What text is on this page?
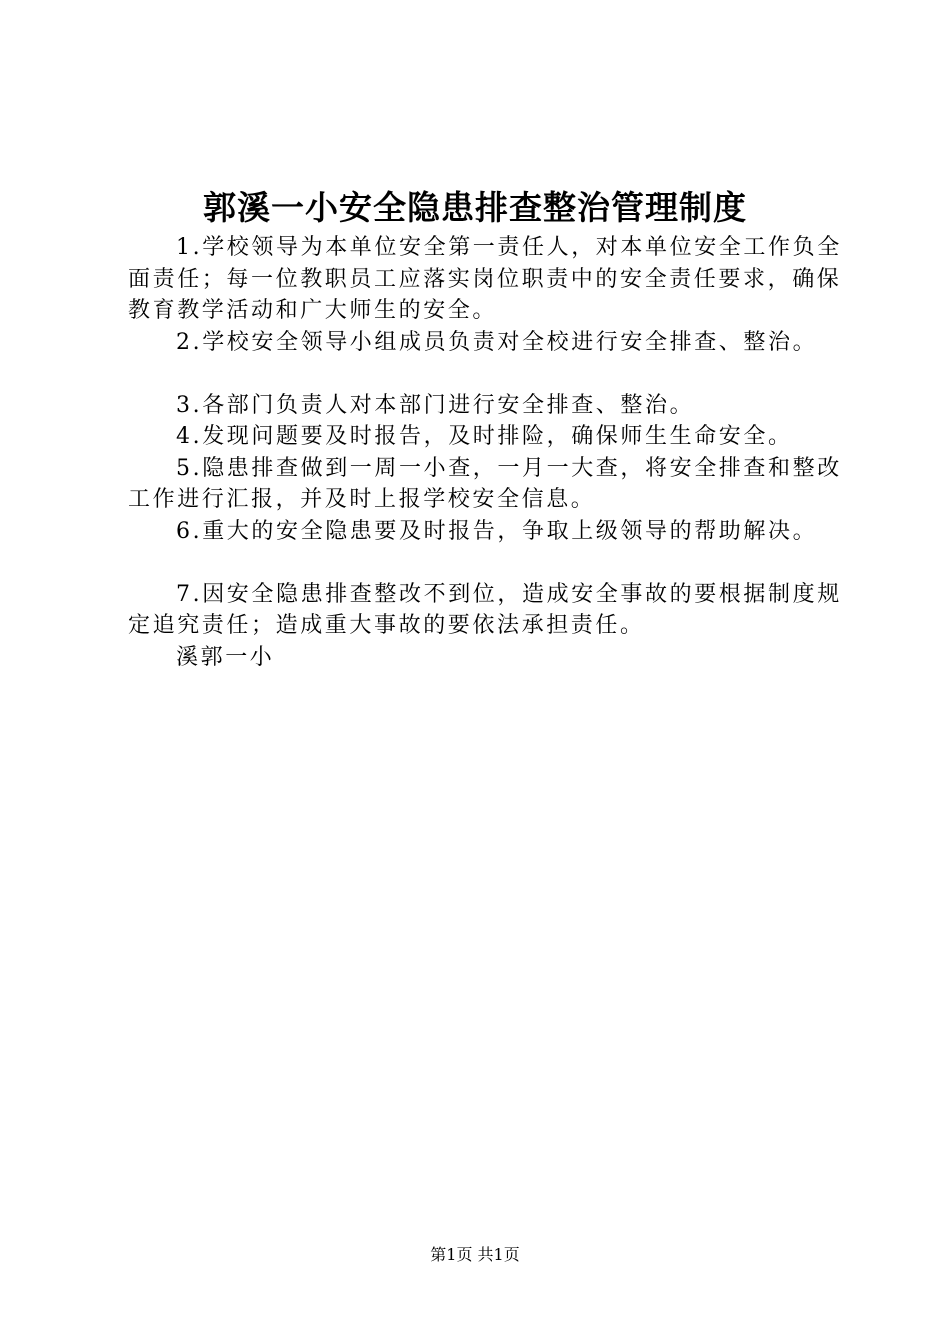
郭溪一小安全隐患排查整治管理制度

1.学校领导为本单位安全第一责任人，对本单位安全工作负全面责任；每一位教职员工应落实岗位职责中的安全责任要求，确保教育教学活动和广大师生的安全。

2.学校安全领导小组成员负责对全校进行安全排查、整治。

3.各部门负责人对本部门进行安全排查、整治。

4.发现问题要及时报告，及时排险，确保师生生命安全。

5.隐患排查做到一周一小查，一月一大查，将安全排查和整改工作进行汇报，并及时上报学校安全信息。

6.重大的安全隐患要及时报告，争取上级领导的帮助解决。

7.因安全隐患排查整改不到位，造成安全事故的要根据制度规定追究责任；造成重大事故的要依法承担责任。

溪郭一小

第1页 共1页
